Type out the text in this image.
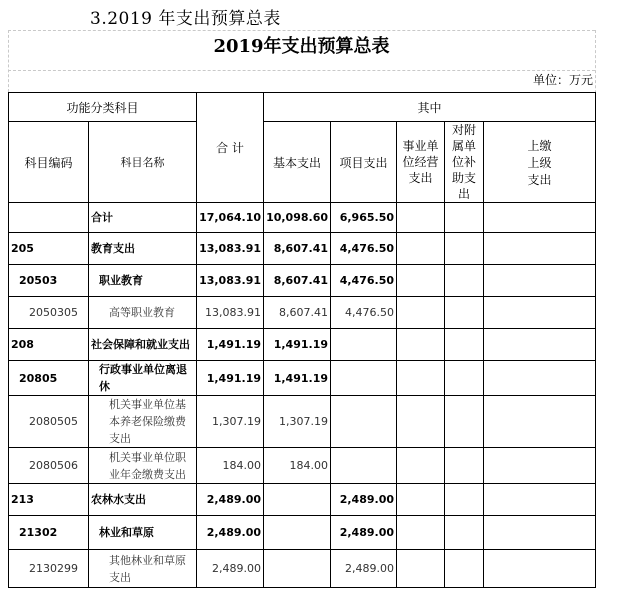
3.2019 年支出预算总表
2019年支出预算总表
单位：万元
功能分类科目		合 计	其中				
科目编码	科目名称		基本支出	项目支出	事业单位经营支出	对附属单位补助支出	上缴上级支出
	合计	17,064.10	10,098.60	6,965.50			
205	教育支出	13,083.91	8,607.41	4,476.50			
20503	职业教育	13,083.91	8,607.41	4,476.50			
2050305	高等职业教育	13,083.91	8,607.41	4,476.50			
208	社会保障和就业支出	1,491.19	1,491.19				
20805	行政事业单位离退休	1,491.19	1,491.19				
2080505	机关事业单位基本养老保险缴费支出	1,307.19	1,307.19				
2080506	机关事业单位职业年金缴费支出	184.00	184.00				
213	农林水支出	2,489.00		2,489.00			
21302	林业和草原	2,489.00		2,489.00			
2130299	其他林业和草原支出	2,489.00		2,489.00			
